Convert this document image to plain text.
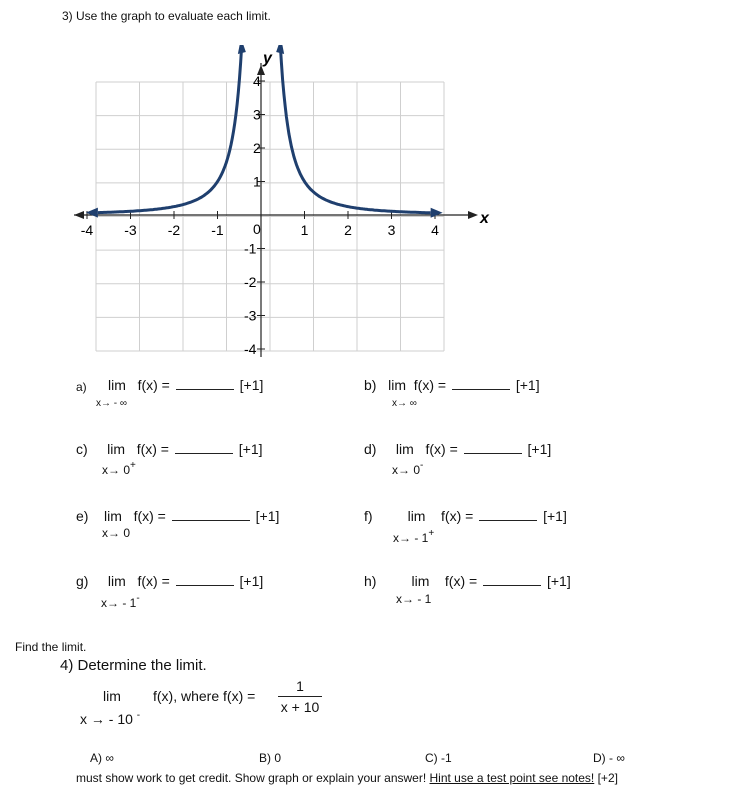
3) Use the graph to evaluate each limit.
x
y
-4 -3 -2 -1	1	2	3	4
4
3
2
1
-1
-2
-3
-4
0
a) lim f(x) =	[+1]
x→ - ∞
b) lim f(x) =	[+1]
x→ ∞
c) lim f(x) =	[+1]
x→ 0+
d) lim f(x) =	[+1]
x→ 0-
e) lim f(x) =	[+1]
x→ 0
f)	lim f(x) =	[+1]
x→ - 1+
g) lim f(x) =	[+1]
x→ - 1-
h)	lim f(x) =	[+1]
x→ - 1
Find the limit.
4) Determine the limit.
lim f(x), where f(x) =
1
x + 10
x → - 10 -
A) ∞	B) 0	C) -1	D) - ∞
must show work to get credit. Show graph or explain your answer! Hint use a test point see notes! [+2]
